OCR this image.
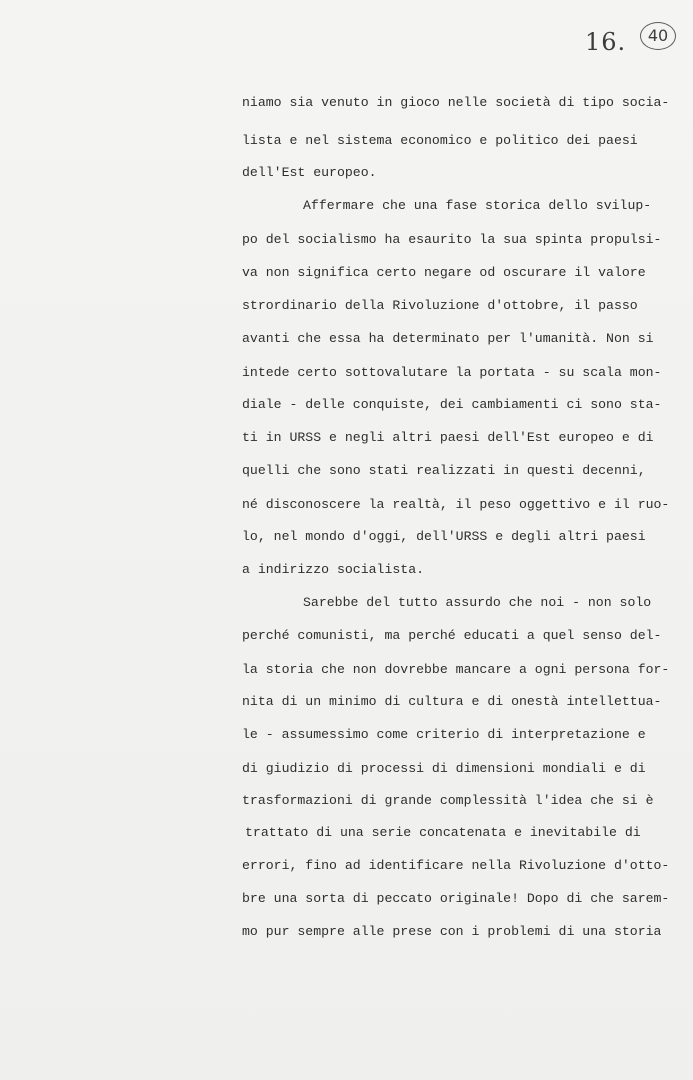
16.	40
niamo sia venuto in gioco nelle società di tipo socia-
lista e nel sistema economico e politico dei paesi
dell'Est europeo.
Affermare che una fase storica dello svilup-
po del socialismo ha esaurito la sua spinta propulsi-
va non significa certo negare od oscurare il valore
strordinario della Rivoluzione d'ottobre, il passo
avanti che essa ha determinato per l'umanità. Non si
intede certo sottovalutare la portata - su scala mon-
diale - delle conquiste, dei cambiamenti ci sono sta-
ti in URSS e negli altri paesi dell'Est europeo e di
quelli che sono stati realizzati in questi decenni,
né disconoscere la realtà, il peso oggettivo e il ruo-
lo, nel mondo d'oggi, dell'URSS e degli altri paesi
a indirizzo socialista.
Sarebbe del tutto assurdo che noi - non solo
perché comunisti, ma perché educati a quel senso del-
la storia che non dovrebbe mancare a ogni persona for-
nita di un minimo di cultura e di onestà intellettua-
le - assumessimo come criterio di interpretazione e
di giudizio di processi di dimensioni mondiali e di
trasformazioni di grande complessità l'idea che si è
trattato di una serie concatenata e inevitabile di
errori, fino ad identificare nella Rivoluzione d'otto-
bre una sorta di peccato originale! Dopo di che sarem-
mo pur sempre alle prese con i problemi di una storia
